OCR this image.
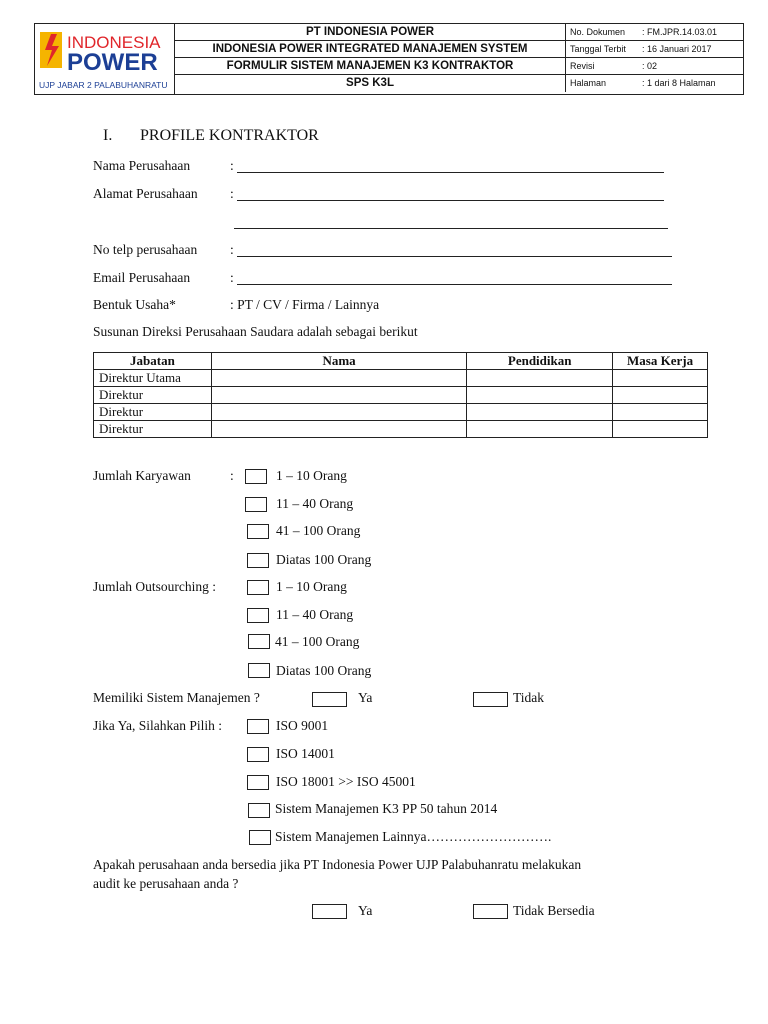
INDONESIA
POWER
UJP JABAR 2 PALABUHANRATU
PT INDONESIA POWER
INDONESIA POWER INTEGRATED MANAJEMEN SYSTEM
FORMULIR SISTEM MANAJEMEN K3 KONTRAKTOR
SPS K3L
No. Dokumen : FM.JPR.14.03.01
Tanggal Terbit : 16 Januari 2017
Revisi	: 02
Halaman	: 1 dari 8 Halaman
I. PROFILE KONTRAKTOR
Nama Perusahaan	:
Alamat Perusahaan :
No telp perusahaan :
Email Perusahaan	:
Bentuk Usaha*	: PT / CV / Firma / Lainnya
Susunan Direksi Perusahaan Saudara adalah sebagai berikut
Jabatan	Nama	Pendidikan	Masa Kerja
Direktur Utama			
Direktur			
Direktur			
Direktur			
Jumlah Karyawan	:	1 – 10 Orang
11 – 40 Orang
41 – 100 Orang
Diatas 100 Orang
Jumlah Outsourching :	1 – 10 Orang
11 – 40 Orang
41 – 100 Orang
Diatas 100 Orang
Memiliki Sistem Manajemen ?	Ya	Tidak
Jika Ya, Silahkan Pilih :	ISO 9001
ISO 14001
ISO 18001 >> ISO 45001
Sistem Manajemen K3 PP 50 tahun 2014
Sistem Manajemen Lainnya……………………….
Apakah perusahaan anda bersedia jika PT Indonesia Power UJP Palabuhanratu melakukan
audit ke perusahaan anda ?
Ya	Tidak Bersedia
